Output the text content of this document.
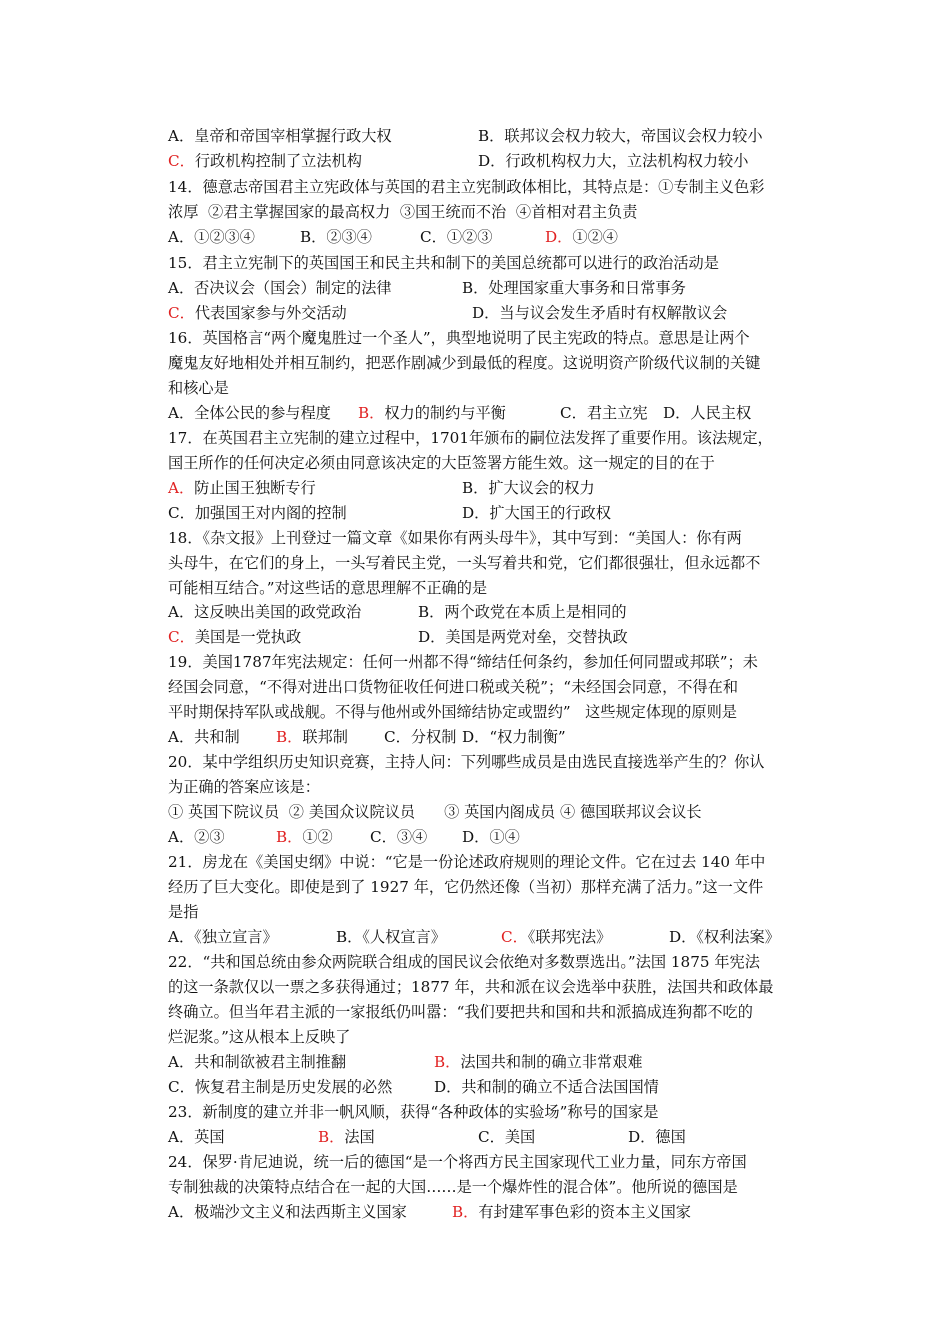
A．皇帝和帝国宰相掌握行政大权	B．联邦议会权力较大，帝国议会权力较小
C．行政机构控制了立法机构	D．行政机构权力大，立法机构权力较小
14．德意志帝国君主立宪政体与英国的君主立宪制政体相比，其特点是：①专制主义色彩
浓厚  ②君主掌握国家的最高权力  ③国王统而不治  ④首相对君主负责
A．①②③④	B．②③④	C．①②③	D．①②④
15．君主立宪制下的英国国王和民主共和制下的美国总统都可以进行的政治活动是
A．否决议会（国会）制定的法律	B．处理国家重大事务和日常事务
C．代表国家参与外交活动	D．当与议会发生矛盾时有权解散议会
16．英国格言“两个魔鬼胜过一个圣人”，典型地说明了民主宪政的特点。意思是让两个
魔鬼友好地相处并相互制约，把恶作剧减少到最低的程度。这说明资产阶级代议制的关键
和核心是
A．全体公民的参与程度 B．权力的制约与平衡	C．君主立宪 D．人民主权
17．在英国君主立宪制的建立过程中，1701年颁布的嗣位法发挥了重要作用。该法规定，
国王所作的任何决定必须由同意该决定的大臣签署方能生效。这一规定的目的在于
A．防止国王独断专行	B．扩大议会的权力
C．加强国王对内阁的控制	D．扩大国王的行政权
18．《杂文报》上刊登过一篇文章《如果你有两头母牛》，其中写到：“美国人：你有两
头母牛，在它们的身上，一头写着民主党，一头写着共和党，它们都很强壮，但永远都不
可能相互结合。”对这些话的意思理解不正确的是
A．这反映出美国的政党政治	B．两个政党在本质上是相同的
C．美国是一党执政	D．美国是两党对垒，交替执政
19．美国1787年宪法规定：任何一州都不得“缔结任何条约，参加任何同盟或邦联”；未
经国会同意，“不得对进出口货物征收任何进口税或关税”；“未经国会同意，不得在和
平时期保持军队或战舰。不得与他州或外国缔结协定或盟约”   这些规定体现的原则是
A．共和制 B．联邦制 C．分权制 D．“权力制衡”
20．某中学组织历史知识竞赛，主持人问：下列哪些成员是由选民直接选举产生的？你认
为正确的答案应该是：
① 英国下院议员  ② 美国众议院议员      ③ 英国内阁成员 ④ 德国联邦议会议长
A．②③	B．①② C．③④ D．①④
21．房龙在《美国史纲》中说：“它是一份论述政府规则的理论文件。它在过去 140 年中
经历了巨大变化。即使是到了 1927 年，它仍然还像（当初）那样充满了活力。”这一文件
是指
A．《独立宣言》	B．《人权宣言》	C．《联邦宪法》	D．《权利法案》
22．“共和国总统由参众两院联合组成的国民议会依绝对多数票选出。”法国 1875 年宪法
的这一条款仅以一票之多获得通过；1877 年，共和派在议会选举中获胜，法国共和政体最
终确立。但当年君主派的一家报纸仍叫嚣：“我们要把共和国和共和派搞成连狗都不吃的
烂泥浆。”这从根本上反映了
A．共和制欲被君主制推翻	B．法国共和制的确立非常艰难
C．恢复君主制是历史发展的必然	D．共和制的确立不适合法国国情
23．新制度的建立并非一帆风顺，获得“各种政体的实验场”称号的国家是
A．英国	B．法国	C．美国	D．德国
24．保罗·肯尼迪说，统一后的德国“是一个将西方民主国家现代工业力量，同东方帝国
专制独裁的决策特点结合在一起的大国……是一个爆炸性的混合体”。他所说的德国是
A．极端沙文主义和法西斯主义国家	B．有封建军事色彩的资本主义国家
